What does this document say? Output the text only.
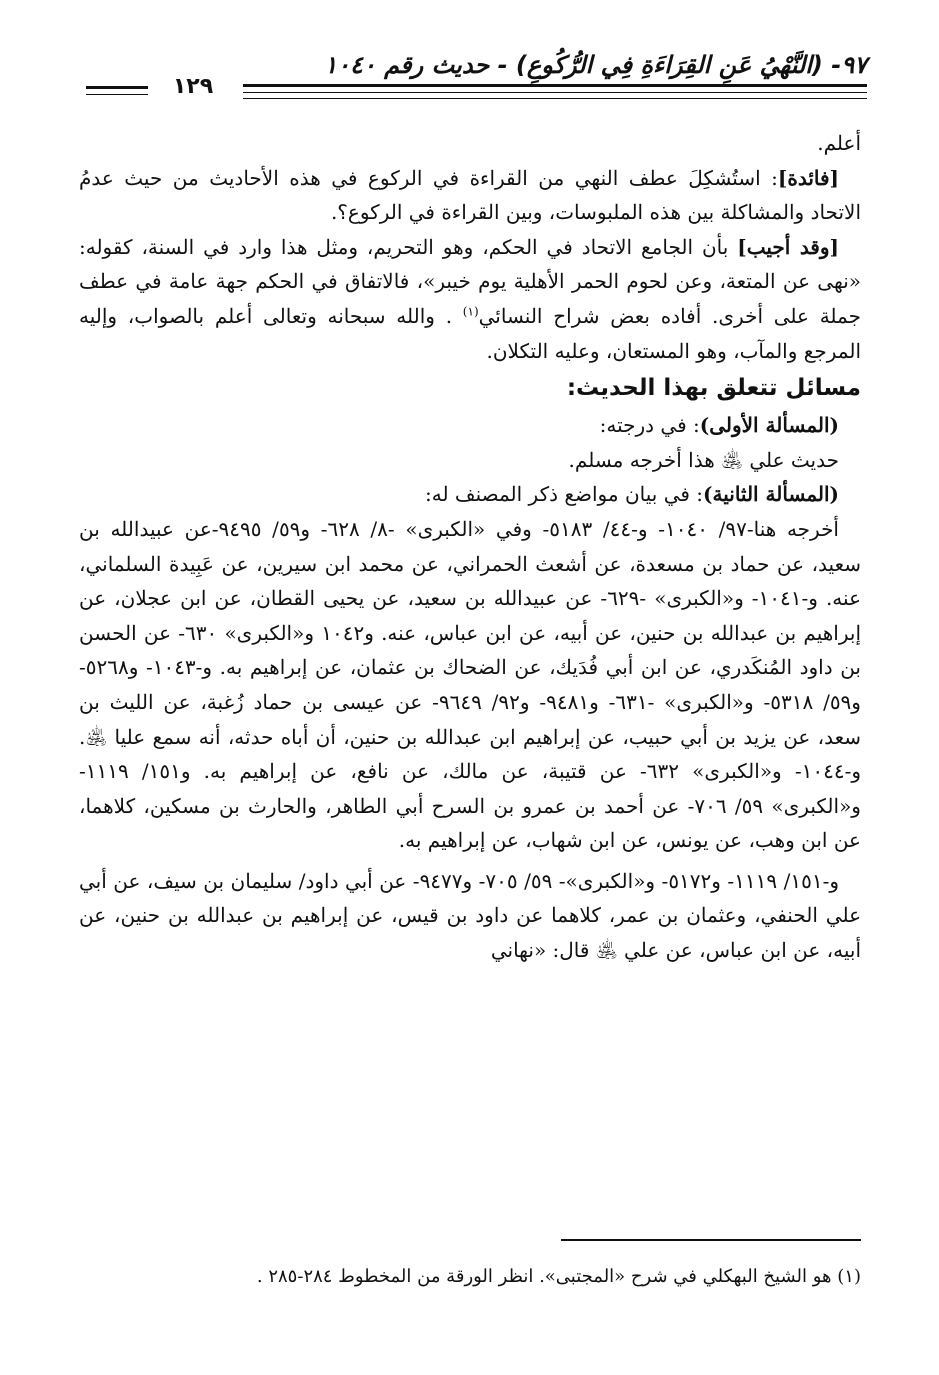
٩٧- (النَّهْيُ عَنِ القِرَاءَةِ فِي الرُّكُوعِ) - حديث رقم ١٠٤٠
١٢٩

أعلم.

[فائدة]: استُشكِلَ عطف النهي من القراءة في الركوع في هذه الأحاديث من حيث عدمُ الاتحاد والمشاكلة بين هذه الملبوسات، وبين القراءة في الركوع؟.

[وقد أجيب] بأن الجامع الاتحاد في الحكم، وهو التحريم، ومثل هذا وارد في السنة، كقوله: «نهى عن المتعة، وعن لحوم الحمر الأهلية يوم خيبر»، فالاتفاق في الحكم جهة عامة في عطف جملة على أخرى. أفاده بعض شراح النسائي$^{(١)}$ . والله سبحانه وتعالى أعلم بالصواب، وإليه المرجع والمآب، وهو المستعان، وعليه التكلان.

مسائل تتعلق بهذا الحديث:

(المسألة الأولى): في درجته:

حديث علي ﵁ هذا أخرجه مسلم.

(المسألة الثانية): في بيان مواضع ذكر المصنف له:

أخرجه هنا-٩٧/ ١٠٤٠- و-٤٤/ ٥١٨٣- وفي «الكبرى» -٨/ ٦٢٨- و٥٩/ ٩٤٩٥-عن عبيدالله بن سعيد، عن حماد بن مسعدة، عن أشعث الحمراني، عن محمد ابن سيرين، عن عَبِيدة السلماني، عنه. و-١٠٤١- و«الكبرى» -٦٢٩- عن عبيدالله بن سعيد، عن يحيى القطان، عن ابن عجلان، عن إبراهيم بن عبدالله بن حنين، عن أبيه، عن ابن عباس، عنه. و١٠٤٢ و«الكبرى» ٦٣٠- عن الحسن بن داود المُنكَدري، عن ابن أبي فُدَيك، عن الضحاك بن عثمان، عن إبراهيم به. و-١٠٤٣- و٥٢٦٨-و٥٩/ ٥٣١٨- و«الكبرى» -٦٣١- و٩٤٨١- و٩٢/ ٩٦٤٩- عن عيسى بن حماد زُغبة، عن الليث بن سعد، عن يزيد بن أبي حبيب، عن إبراهيم ابن عبدالله بن حنين، أن أباه حدثه، أنه سمع عليا ﵁. و-١٠٤٤- و«الكبرى» ٦٣٢- عن قتيبة، عن مالك، عن نافع، عن إبراهيم به. و١٥١/ ١١١٩- و«الكبرى» ٥٩/ ٧٠٦- عن أحمد بن عمرو بن السرح أبي الطاهر، والحارث بن مسكين، كلاهما، عن ابن وهب، عن يونس، عن ابن شهاب، عن إبراهيم به.

و-١٥١/ ١١١٩- و٥١٧٢- و«الكبرى»- ٥٩/ ٧٠٥- و٩٤٧٧- عن أبي داود/ سليمان بن سيف، عن أبي علي الحنفي، وعثمان بن عمر، كلاهما عن داود بن قيس، عن إبراهيم بن عبدالله بن حنين، عن أبيه، عن ابن عباس، عن علي ﵁ قال: «نهاني

(١) هو الشيخ البهكلي في شرح «المجتبى». انظر الورقة من المخطوط ٢٨٤-٢٨٥ .
